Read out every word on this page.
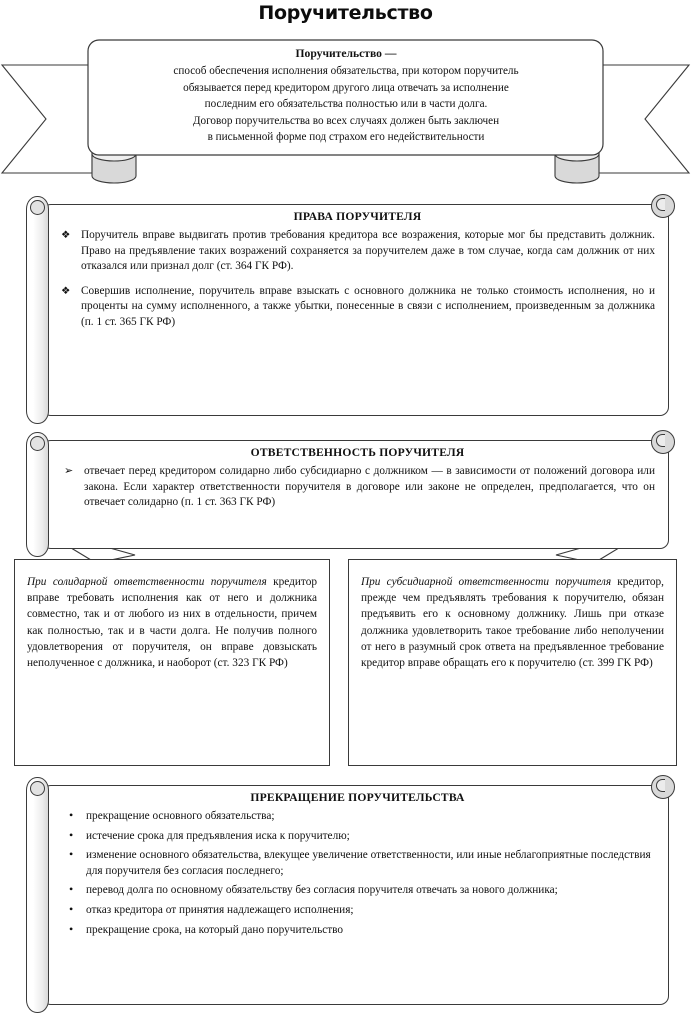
Поручительство
Поручительство —
способ обеспечения исполнения обязательства, при котором поручитель
обязывается перед кредитором другого лица отвечать за исполнение
последним его обязательства полностью или в части долга.
Договор поручительства во всех случаях должен быть заключен
в письменной форме под страхом его недействительности
ПРАВА ПОРУЧИТЕЛЯ
❖ Поручитель вправе выдвигать против требования кредитора все возражения, которые мог бы представить должник. Право на предъявление таких возражений сохраняется за поручителем даже в том случае, когда сам должник от них отказался или признал долг (ст. 364 ГК РФ).
❖ Совершив исполнение, поручитель вправе взыскать с основного должника не только стоимость исполнения, но и проценты на сумму исполненного, а также убытки, понесенные в связи с исполнением, произведенным за должника (п. 1 ст. 365 ГК РФ)
ОТВЕТСТВЕННОСТЬ ПОРУЧИТЕЛЯ
➢ отвечает перед кредитором солидарно либо субсидиарно с должником — в зависимости от положений договора или закона. Если характер ответственности поручителя в договоре или законе не определен, предполагается, что он отвечает солидарно (п. 1 ст. 363 ГК РФ)
При солидарной ответственности поручителя кредитор вправе требовать исполнения как от него и должника совместно, так и от любого из них в отдельности, причем как полностью, так и в части долга. Не получив полного удовлетворения от поручителя, он вправе довзыскать неполученное с должника, и наоборот (ст. 323 ГК РФ)
При субсидиарной ответственности поручителя кредитор, прежде чем предъявлять требования к поручителю, обязан предъявить его к основному должнику. Лишь при отказе должника удовлетворить такое требование либо неполучении от него в разумный срок ответа на предъявленное требование кредитор вправе обращать его к поручителю (ст. 399 ГК РФ)
ПРЕКРАЩЕНИЕ ПОРУЧИТЕЛЬСТВА
• прекращение основного обязательства;
• истечение срока для предъявления иска к поручителю;
• изменение основного обязательства, влекущее увеличение ответственности, или иные неблагоприятные последствия для поручителя без согласия последнего;
• перевод долга по основному обязательству без согласия поручителя отвечать за нового должника;
• отказ кредитора от принятия надлежащего исполнения;
• прекращение срока, на который дано поручительство
